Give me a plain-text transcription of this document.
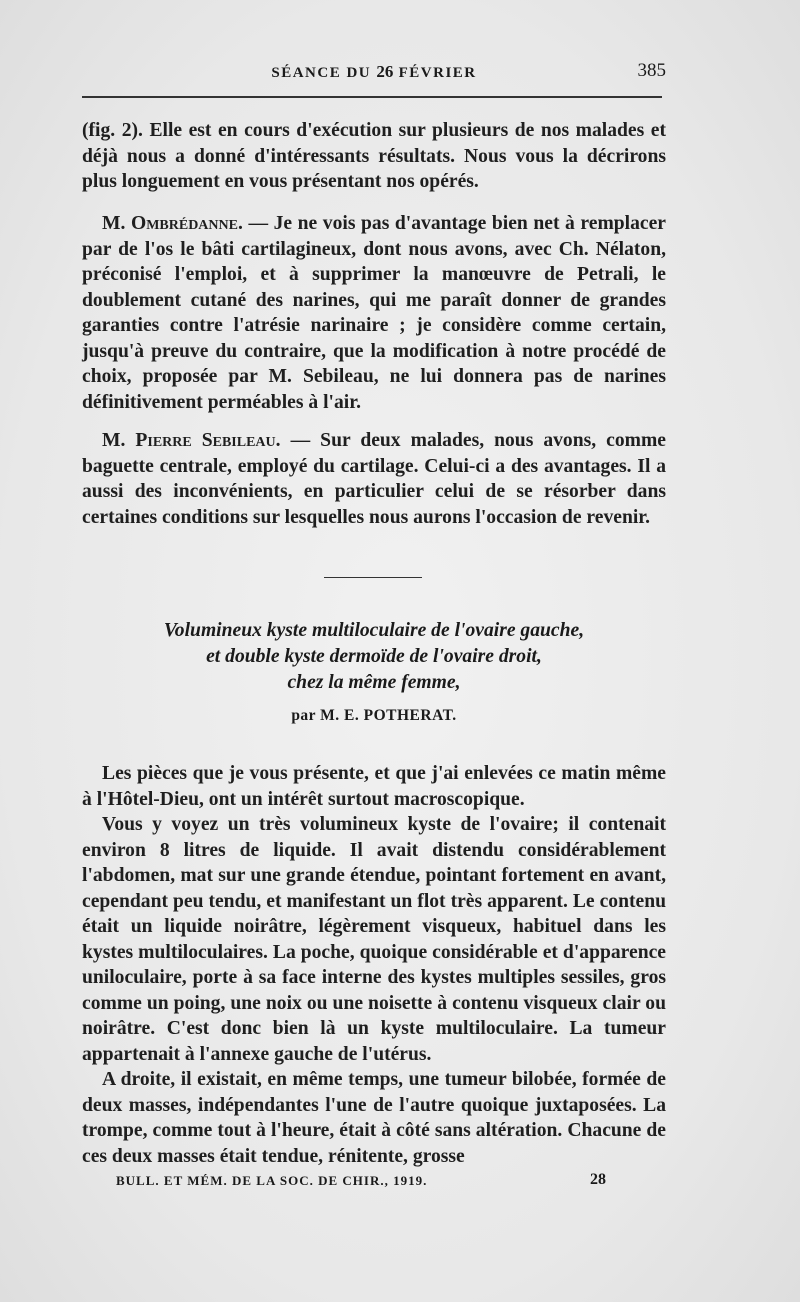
SÉANCE DU 26 FÉVRIER	385

(fig. 2). Elle est en cours d'exécution sur plusieurs de nos malades et déjà nous a donné d'intéressants résultats. Nous vous la décrirons plus longuement en vous présentant nos opérés.

M. Ombrédanne. — Je ne vois pas d'avantage bien net à remplacer par de l'os le bâti cartilagineux, dont nous avons, avec Ch. Nélaton, préconisé l'emploi, et à supprimer la manœuvre de Petrali, le doublement cutané des narines, qui me paraît donner de grandes garanties contre l'atrésie narinaire ; je considère comme certain, jusqu'à preuve du contraire, que la modification à notre procédé de choix, proposée par M. Sebileau, ne lui donnera pas de narines définitivement perméables à l'air.

M. Pierre Sebileau. — Sur deux malades, nous avons, comme baguette centrale, employé du cartilage. Celui-ci a des avantages. Il a aussi des inconvénients, en particulier celui de se résorber dans certaines conditions sur lesquelles nous aurons l'occasion de revenir.

Volumineux kyste multiloculaire de l'ovaire gauche,
et double kyste dermoïde de l'ovaire droit,
chez la même femme,
par M. E. POTHERAT.

Les pièces que je vous présente, et que j'ai enlevées ce matin même à l'Hôtel-Dieu, ont un intérêt surtout macroscopique.

Vous y voyez un très volumineux kyste de l'ovaire; il contenait environ 8 litres de liquide. Il avait distendu considérablement l'abdomen, mat sur une grande étendue, pointant fortement en avant, cependant peu tendu, et manifestant un flot très apparent. Le contenu était un liquide noirâtre, légèrement visqueux, habituel dans les kystes multiloculaires. La poche, quoique considérable et d'apparence uniloculaire, porte à sa face interne des kystes multiples sessiles, gros comme un poing, une noix ou une noisette à contenu visqueux clair ou noirâtre. C'est donc bien là un kyste multiloculaire. La tumeur appartenait à l'annexe gauche de l'utérus.

A droite, il existait, en même temps, une tumeur bilobée, formée de deux masses, indépendantes l'une de l'autre quoique juxtaposées. La trompe, comme tout à l'heure, était à côté sans altération. Chacune de ces deux masses était tendue, rénitente, grosse

BULL. ET MÉM. DE LA SOC. DE CHIR., 1919.	28
